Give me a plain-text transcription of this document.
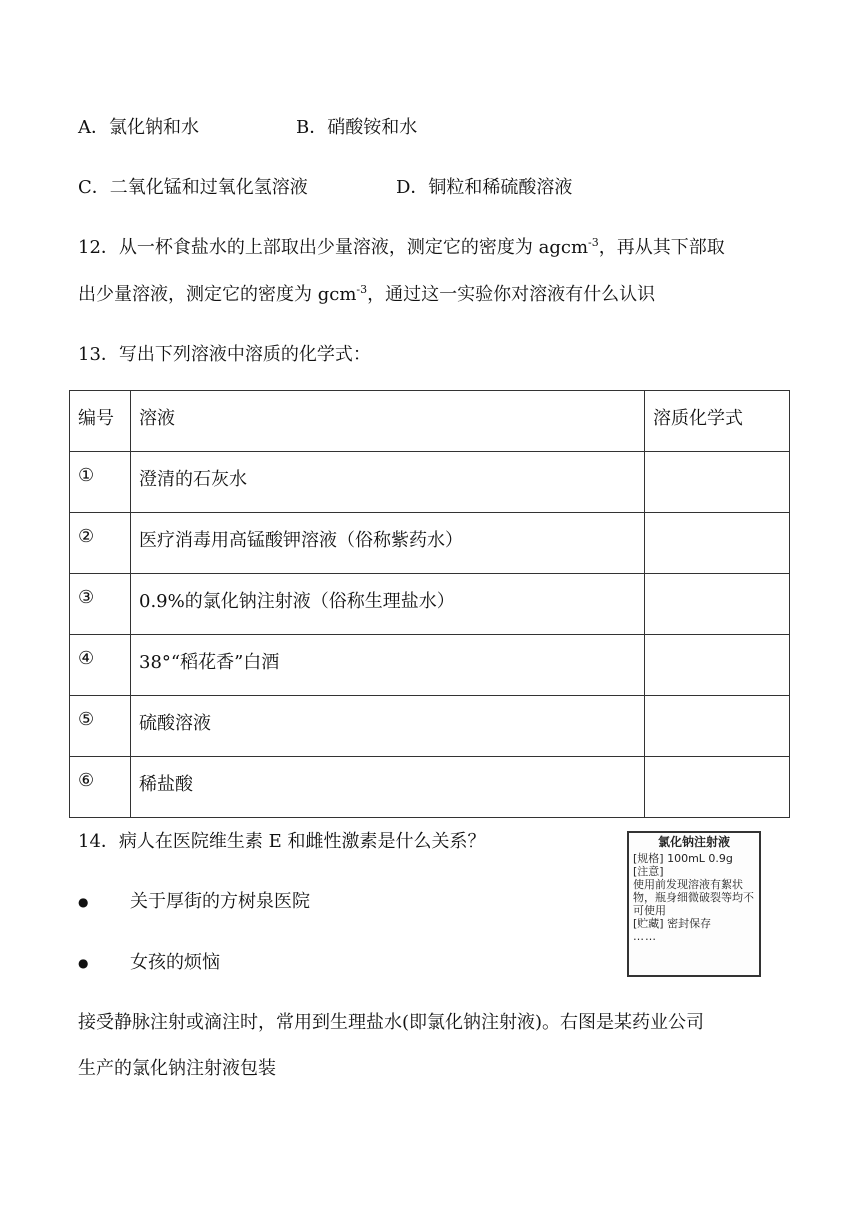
A．氯化钠和水	B．硝酸铵和水
C．二氧化锰和过氧化氢溶液	D．铜粒和稀硫酸溶液
12．从一杯食盐水的上部取出少量溶液，测定它的密度为 agcm$^{-3}$，再从其下部取
出少量溶液，测定它的密度为 gcm$^{-3}$，通过这一实验你对溶液有什么认识
13．写出下列溶液中溶质的化学式：
编号	溶液	溶质化学式
①	澄清的石灰水	
②	医疗消毒用高锰酸钾溶液（俗称紫药水）	
③	0.9%的氯化钠注射液（俗称生理盐水）	
④	38°“稻花香”白酒	
⑤	硫酸溶液	
⑥	稀盐酸	
14．病人在医院维生素 E 和雌性激素是什么关系？
● 关于厚街的方树泉医院
● 女孩的烦恼
接受静脉注射或滴注时，常用到生理盐水(即氯化钠注射液)。右图是某药业公司
生产的氯化钠注射液包装
氯化钠注射液
[规格] 100mL 0.9g
[注意]
使用前发现溶液有絮状物，瓶身细微破裂等均不可使用
[贮藏] 密封保存
……
